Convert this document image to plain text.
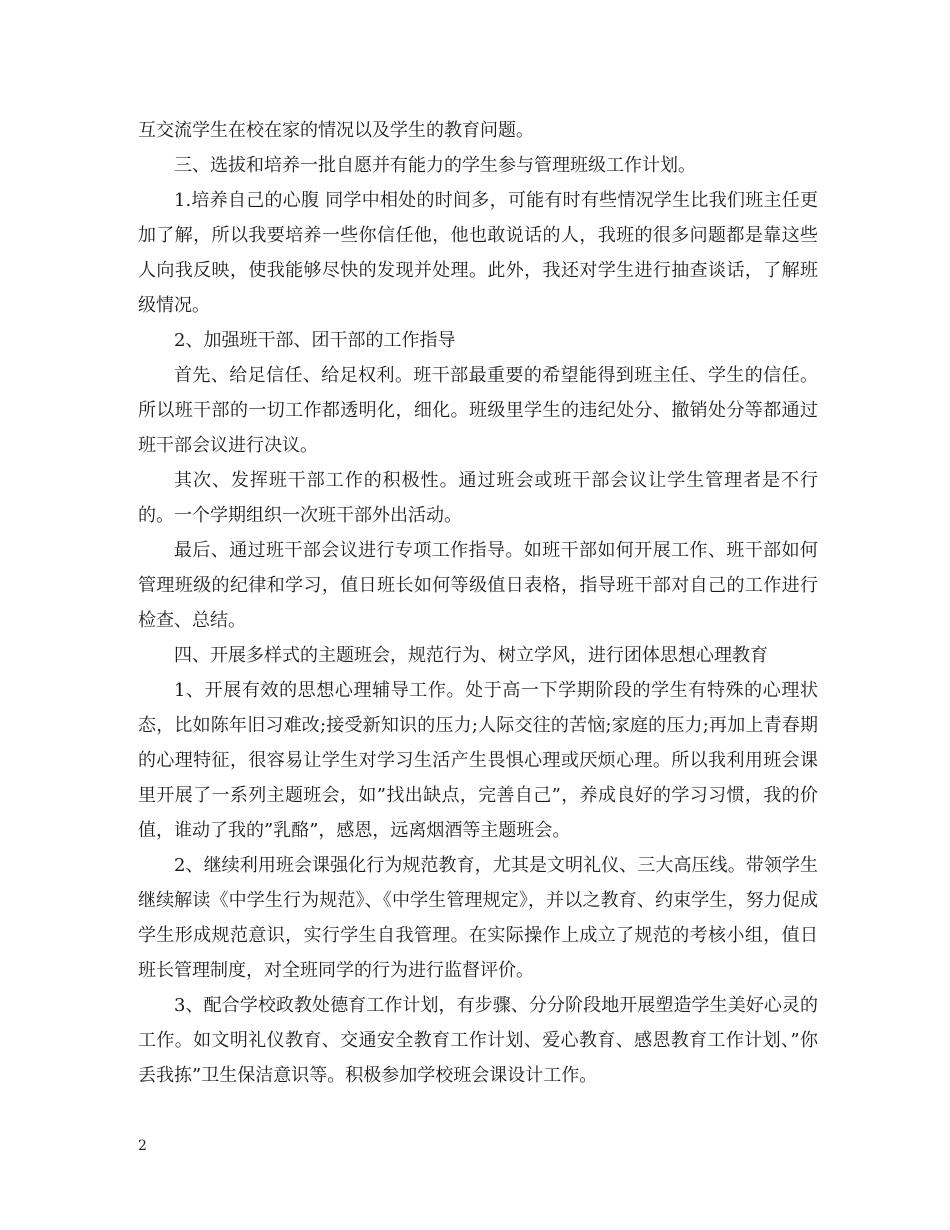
互交流学生在校在家的情况以及学生的教育问题。

三、选拔和培养一批自愿并有能力的学生参与管理班级工作计划。

1.培养自己的心腹 同学中相处的时间多，可能有时有些情况学生比我们班主任更加了解，所以我要培养一些你信任他，他也敢说话的人，我班的很多问题都是靠这些人向我反映，使我能够尽快的发现并处理。此外，我还对学生进行抽查谈话，了解班级情况。

2、加强班干部、团干部的工作指导

首先、给足信任、给足权利。班干部最重要的希望能得到班主任、学生的信任。所以班干部的一切工作都透明化，细化。班级里学生的违纪处分、撤销处分等都通过班干部会议进行决议。

其次、发挥班干部工作的积极性。通过班会或班干部会议让学生管理者是不行的。一个学期组织一次班干部外出活动。

最后、通过班干部会议进行专项工作指导。如班干部如何开展工作、班干部如何管理班级的纪律和学习，值日班长如何等级值日表格，指导班干部对自己的工作进行检查、总结。

四、开展多样式的主题班会，规范行为、树立学风，进行团体思想心理教育

1、开展有效的思想心理辅导工作。处于高一下学期阶段的学生有特殊的心理状态，比如陈年旧习难改;接受新知识的压力;人际交往的苦恼;家庭的压力;再加上青春期的心理特征，很容易让学生对学习生活产生畏惧心理或厌烦心理。所以我利用班会课里开展了一系列主题班会，如”找出缺点，完善自己”，养成良好的学习习惯，我的价值，谁动了我的”乳酪”，感恩，远离烟酒等主题班会。

2、继续利用班会课强化行为规范教育，尤其是文明礼仪、三大高压线。带领学生继续解读《中学生行为规范》、《中学生管理规定》，并以之教育、约束学生，努力促成学生形成规范意识，实行学生自我管理。在实际操作上成立了规范的考核小组，值日班长管理制度，对全班同学的行为进行监督评价。

3、配合学校政教处德育工作计划，有步骤、分分阶段地开展塑造学生美好心灵的工作。如文明礼仪教育、交通安全教育工作计划、爱心教育、感恩教育工作计划、”你丢我拣”卫生保洁意识等。积极参加学校班会课设计工作。

2
